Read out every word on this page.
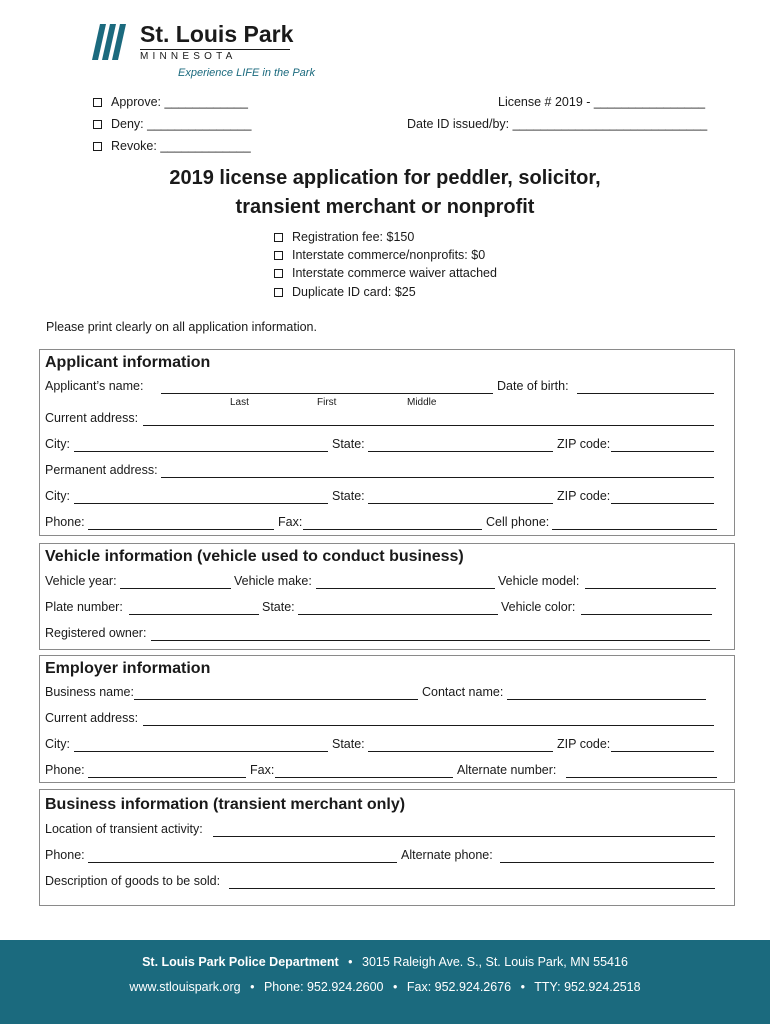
St. Louis Park
MINNESOTA
Experience LIFE in the Park
Approve: ____________
Deny: _______________
Revoke: _____________
License # 2019 - ________________
Date ID issued/by: ____________________________
2019 license application for peddler, solicitor,
transient merchant or nonprofit
Registration fee: $150
Interstate commerce/nonprofits: $0
Interstate commerce waiver attached
Duplicate ID card: $25
Please print clearly on all application information.
Applicant information
Applicant’s name:	Date of birth:
Last	First	Middle
Current address:
City:	State:	ZIP code:
Permanent address:
City:	State:	ZIP code:
Phone:	Fax:	Cell phone:
Vehicle information (vehicle used to conduct business)
Vehicle year:	Vehicle make:	Vehicle model:
Plate number:	State:	Vehicle color:
Registered owner:
Employer information
Business name:	Contact name:
Current address:
City:	State:	ZIP code:
Phone:	Fax:	Alternate number:
Business information (transient merchant only)
Location of transient activity:
Phone:	Alternate phone:
Description of goods to be sold:
St. Louis Park Police Department • 3015 Raleigh Ave. S., St. Louis Park, MN 55416
www.stlouispark.org • Phone: 952.924.2600 • Fax: 952.924.2676 • TTY: 952.924.2518
